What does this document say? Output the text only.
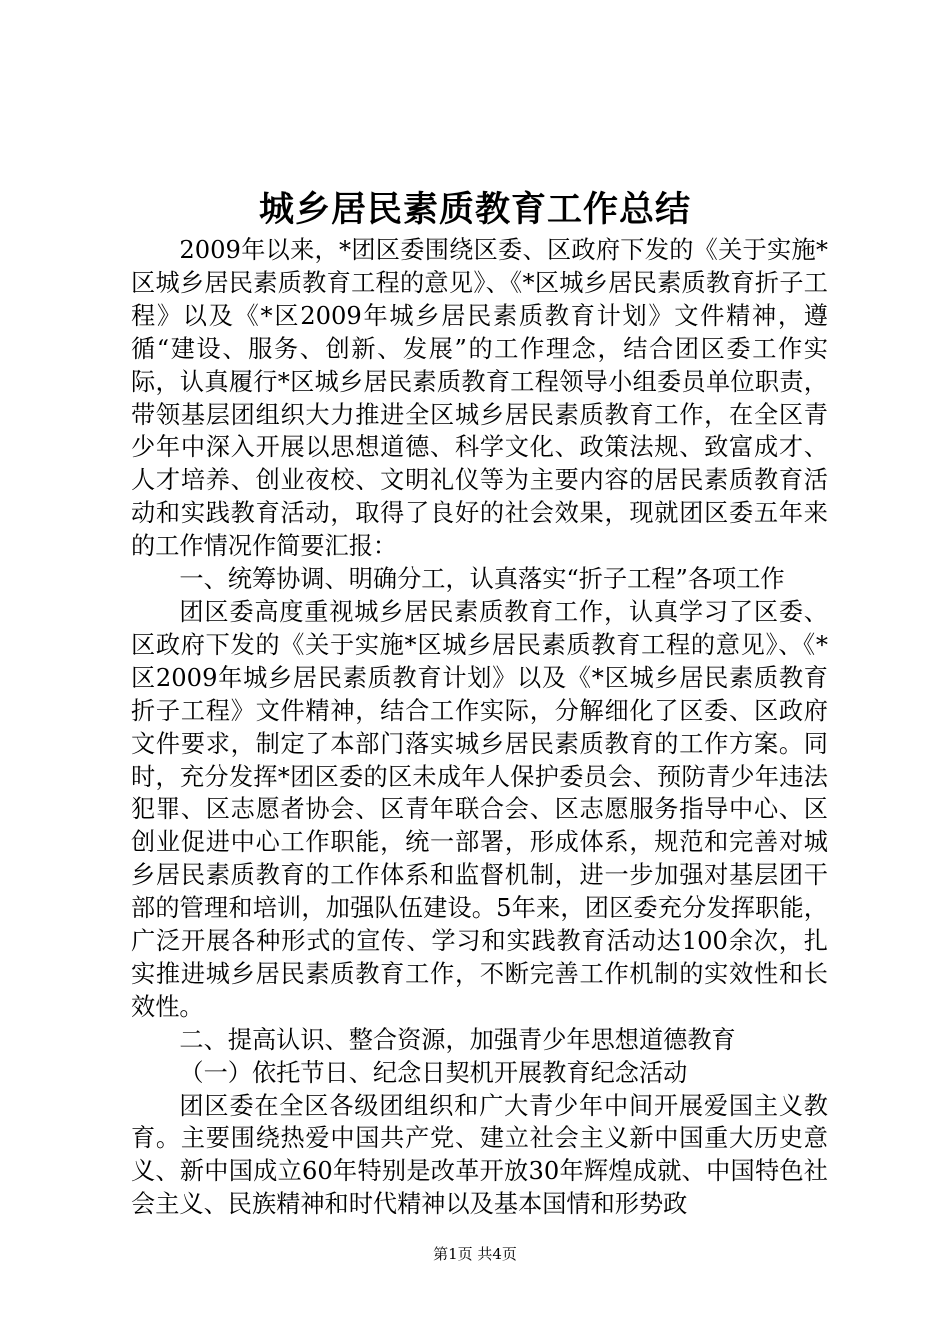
城乡居民素质教育工作总结

2009年以来，*团区委围绕区委、区政府下发的《关于实施*区城乡居民素质教育工程的意见》、《*区城乡居民素质教育折子工程》以及《*区2009年城乡居民素质教育计划》文件精神，遵循“建设、服务、创新、发展”的工作理念，结合团区委工作实际，认真履行*区城乡居民素质教育工程领导小组委员单位职责，带领基层团组织大力推进全区城乡居民素质教育工作，在全区青少年中深入开展以思想道德、科学文化、政策法规、致富成才、人才培养、创业夜校、文明礼仪等为主要内容的居民素质教育活动和实践教育活动，取得了良好的社会效果，现就团区委五年来的工作情况作简要汇报：

一、统筹协调、明确分工，认真落实“折子工程”各项工作

团区委高度重视城乡居民素质教育工作，认真学习了区委、区政府下发的《关于实施*区城乡居民素质教育工程的意见》、《*区2009年城乡居民素质教育计划》以及《*区城乡居民素质教育折子工程》文件精神，结合工作实际，分解细化了区委、区政府文件要求，制定了本部门落实城乡居民素质教育的工作方案。同时，充分发挥*团区委的区未成年人保护委员会、预防青少年违法犯罪、区志愿者协会、区青年联合会、区志愿服务指导中心、区创业促进中心工作职能，统一部署，形成体系，规范和完善对城乡居民素质教育的工作体系和监督机制，进一步加强对基层团干部的管理和培训，加强队伍建设。5年来，团区委充分发挥职能，广泛开展各种形式的宣传、学习和实践教育活动达100余次，扎实推进城乡居民素质教育工作，不断完善工作机制的实效性和长效性。

二、提高认识、整合资源，加强青少年思想道德教育

（一）依托节日、纪念日契机开展教育纪念活动

团区委在全区各级团组织和广大青少年中间开展爱国主义教育。主要围绕热爱中国共产党、建立社会主义新中国重大历史意义、新中国成立60年特别是改革开放30年辉煌成就、中国特色社会主义、民族精神和时代精神以及基本国情和形势政

第1页 共4页
